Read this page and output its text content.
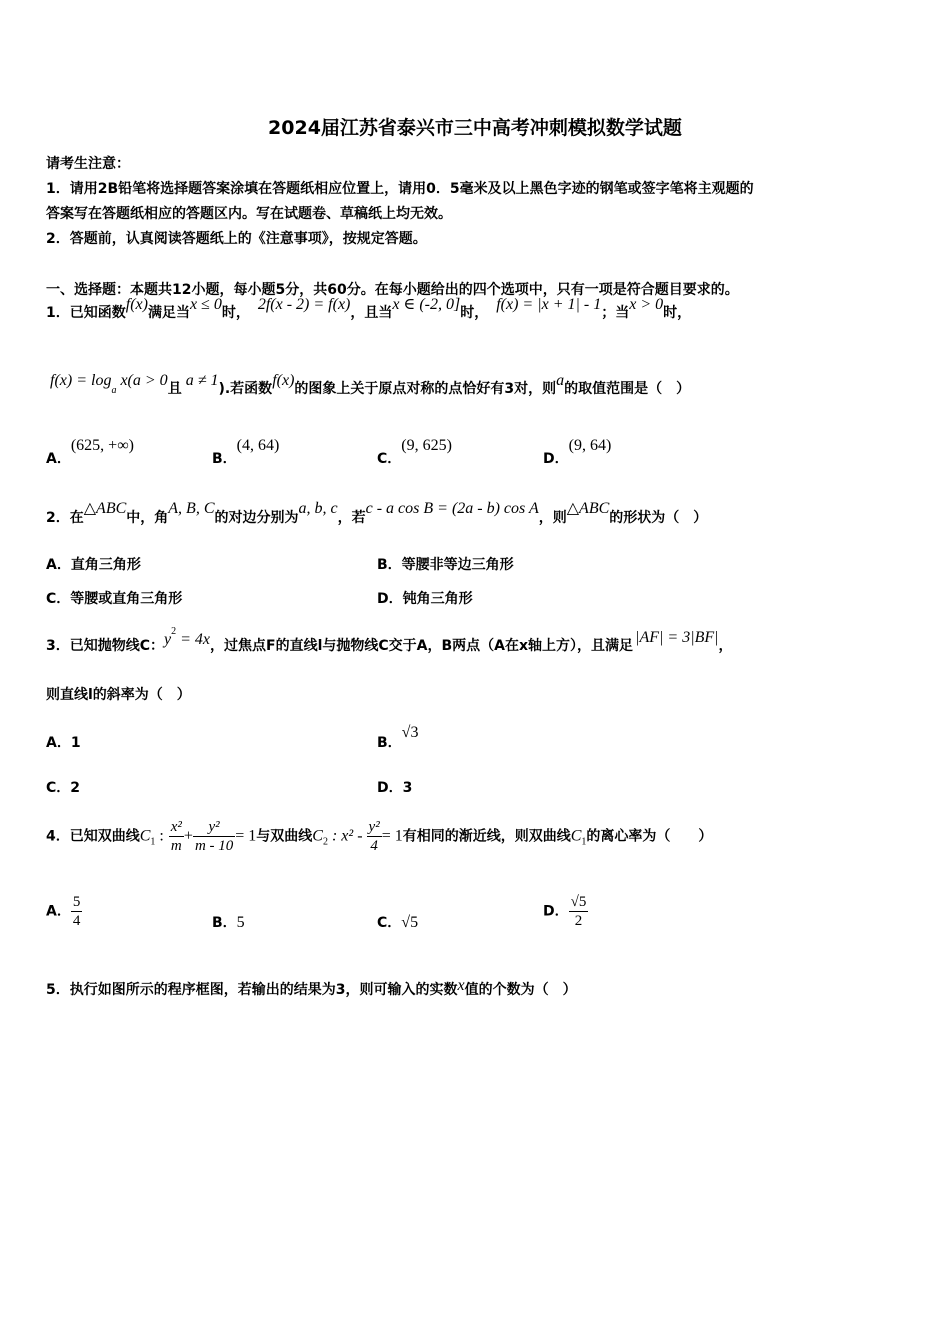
2024届江苏省泰兴市三中高考冲刺模拟数学试题
请考生注意：
1．请用2B铅笔将选择题答案涂填在答题纸相应位置上，请用0．5毫米及以上黑色字迹的钢笔或签字笔将主观题的
答案写在答题纸相应的答题区内。写在试题卷、草稿纸上均无效。
2．答题前，认真阅读答题纸上的《注意事项》，按规定答题。
一、选择题：本题共12小题，每小题5分，共60分。在每小题给出的四个选项中，只有一项是符合题目要求的。
1．已知函数f(x)满足当x ≤ 0时， 2f(x - 2) = f(x)，且当x ∈ (-2, 0]时， f(x) = |x + 1| - 1；当x > 0时，
$f(x) = \log_a x(a > 0$且 a ≠ 1).若函数f(x)的图象上关于原点对称的点恰好有3对，则a的取值范围是（　）
A．(625, +∞)
B．(4, 64)
C．(9, 625)
D．(9, 64)
2．在△ABC中，角A, B, C的对边分别为a, b, c，若c - a cos B = (2a - b) cos A，则△ABC的形状为（　）
A．直角三角形	B．等腰非等边三角形
C．等腰或直角三角形	D．钝角三角形
3．已知抛物线C：$y^2 = 4x$，过焦点F的直线l与抛物线C交于A，B两点（A在x轴上方），且满足 |AF| = 3|BF|，
则直线l的斜率为（　）
A．1	B．√3
C．2	D．3
4．已知双曲线$C_1$ : $\frac{\text{x²}}{m} + \frac{\text{y²}}{m - 10} = 1$与双曲线$C_2$ : $x^2 - \frac{\text{y²}}{4} = 1$有相同的渐近线，则双曲线$C_1$的离心率为（　　）
A． $\frac{5}{4}$	B．5	C．√5
D． $\frac{√5}{2}$
5．执行如图所示的程序框图，若输出的结果为3，则可输入的实数x值的个数为（　）
